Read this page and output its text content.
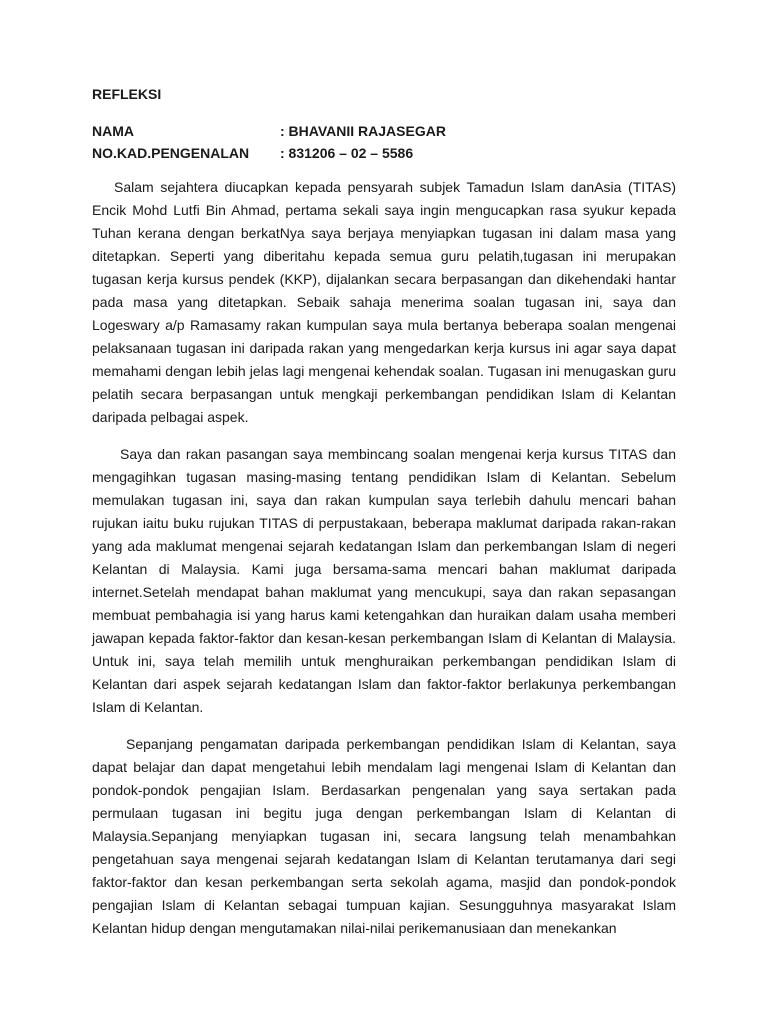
REFLEKSI
NAMA	: BHAVANII RAJASEGAR
NO.KAD.PENGENALAN	: 831206 – 02 – 5586

Salam sejahtera diucapkan kepada pensyarah subjek Tamadun Islam danAsia (TITAS) Encik Mohd Lutfi Bin Ahmad, pertama sekali saya ingin mengucapkan rasa syukur kepada Tuhan kerana dengan berkatNya saya berjaya menyiapkan tugasan ini dalam masa yang ditetapkan. Seperti yang diberitahu kepada semua guru pelatih,tugasan ini merupakan tugasan kerja kursus pendek (KKP), dijalankan secara berpasangan dan dikehendaki hantar pada masa yang ditetapkan. Sebaik sahaja menerima soalan tugasan ini, saya dan Logeswary a/p Ramasamy rakan kumpulan saya mula bertanya beberapa soalan mengenai pelaksanaan tugasan ini daripada rakan yang mengedarkan kerja kursus ini agar saya dapat memahami dengan lebih jelas lagi mengenai kehendak soalan. Tugasan ini menugaskan guru pelatih secara berpasangan untuk mengkaji perkembangan pendidikan Islam di Kelantan daripada pelbagai aspek.

Saya dan rakan pasangan saya membincang soalan mengenai kerja kursus TITAS dan mengagihkan tugasan masing-masing tentang pendidikan Islam di Kelantan. Sebelum memulakan tugasan ini, saya dan rakan kumpulan saya terlebih dahulu mencari bahan rujukan iaitu buku rujukan TITAS di perpustakaan, beberapa maklumat daripada rakan-rakan yang ada maklumat mengenai sejarah kedatangan Islam dan perkembangan Islam di negeri Kelantan di Malaysia. Kami juga bersama-sama mencari bahan maklumat daripada internet.Setelah mendapat bahan maklumat yang mencukupi, saya dan rakan sepasangan membuat pembahagia isi yang harus kami ketengahkan dan huraikan dalam usaha memberi jawapan kepada faktor-faktor dan kesan-kesan perkembangan Islam di Kelantan di Malaysia. Untuk ini, saya telah memilih untuk menghuraikan perkembangan pendidikan Islam di Kelantan dari aspek sejarah kedatangan Islam dan faktor-faktor berlakunya perkembangan Islam di Kelantan.

Sepanjang pengamatan daripada perkembangan pendidikan Islam di Kelantan, saya dapat belajar dan dapat mengetahui lebih mendalam lagi mengenai Islam di Kelantan dan pondok-pondok pengajian Islam. Berdasarkan pengenalan yang saya sertakan pada permulaan tugasan ini begitu juga dengan perkembangan Islam di Kelantan di Malaysia.Sepanjang menyiapkan tugasan ini, secara langsung telah menambahkan pengetahuan saya mengenai sejarah kedatangan Islam di Kelantan terutamanya dari segi faktor-faktor dan kesan perkembangan serta sekolah agama, masjid dan pondok-pondok pengajian Islam di Kelantan sebagai tumpuan kajian. Sesungguhnya masyarakat Islam Kelantan hidup dengan mengutamakan nilai-nilai perikemanusiaan dan menekankan
